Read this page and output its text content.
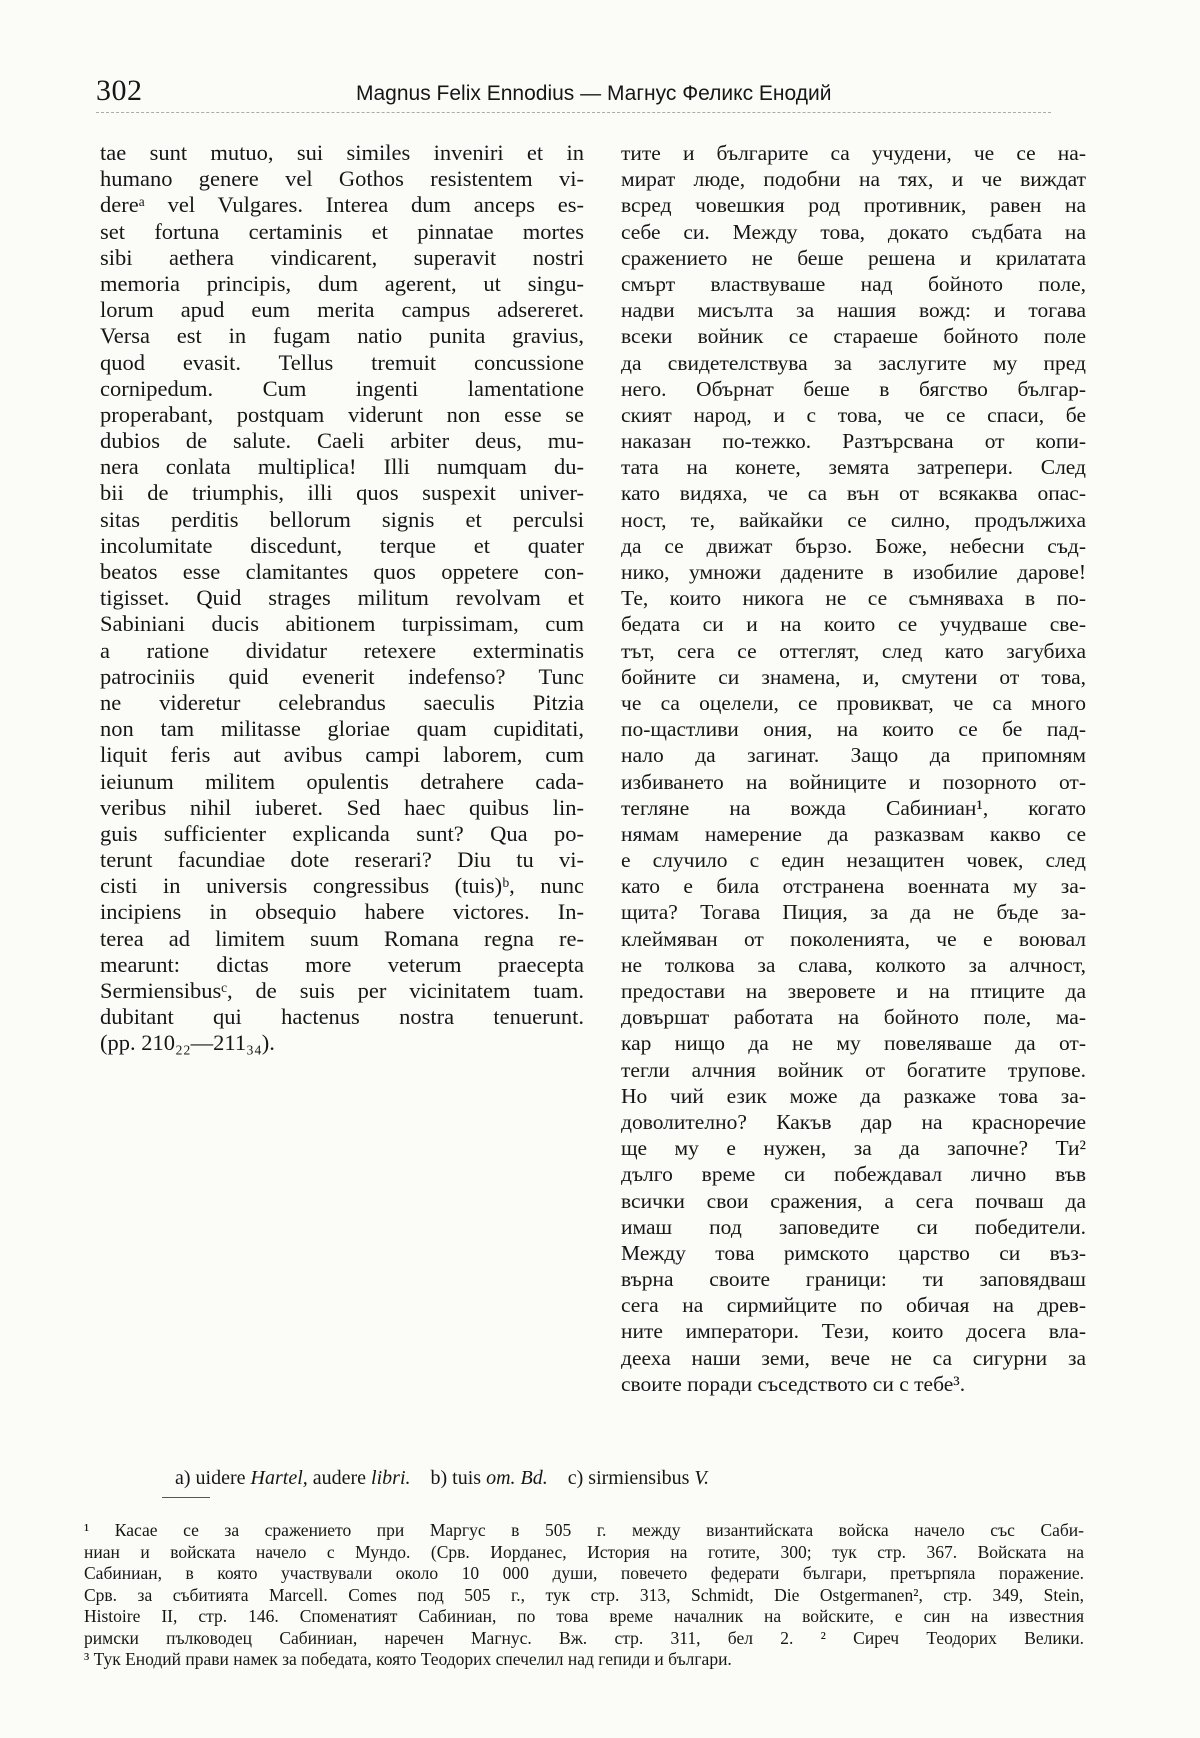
302	Magnus Felix Ennodius — Магнус Феликс Енодий

tae sunt mutuo, sui similes inveniri et in
humano genere vel Gothos resistentem vi-
dereᵃ vel Vulgares. Interea dum anceps es-
set fortuna certaminis et pinnatae mortes
sibi aethera vindicarent, superavit nostri
memoria principis, dum agerent, ut singu-
lorum apud eum merita campus adsereret.
Versa est in fugam natio punita gravius,
quod evasit. Tellus tremuit concussione
cornipedum. Cum ingenti lamentatione
properabant, postquam viderunt non esse se
dubios de salute. Caeli arbiter deus, mu-
nera conlata multiplica! Illi numquam du-
bii de triumphis, illi quos suspexit univer-
sitas perditis bellorum signis et perculsi
incolumitate discedunt, terque et quater
beatos esse clamitantes quos oppetere con-
tigisset. Quid strages militum revolvam et
Sabiniani ducis abitionem turpissimam, cum
a ratione dividatur retexere exterminatis
patrociniis quid evenerit indefenso? Tunc
ne videretur celebrandus saeculis Pitzia
non tam militasse gloriae quam cupiditati,
liquit feris aut avibus campi laborem, cum
ieiunum militem opulentis detrahere cada-
veribus nihil iuberet. Sed haec quibus lin-
guis sufficienter explicanda sunt? Qua po-
terunt facundiae dote reserari? Diu tu vi-
cisti in universis congressibus (tuis)ᵇ, nunc
incipiens in obsequio habere victores. In-
terea ad limitem suum Romana regna re-
mearunt: dictas more veterum praecepta
Sermiensibusᶜ, de suis per vicinitatem tuam.
dubitant qui hactenus nostra tenuerunt.
(pp. 210₂₂—211₃₄).

тите и българите са учудени, че се на-
мират люде, подобни на тях, и че виждат
всред човешкия род противник, равен на
себе си. Между това, докато съдбата на
сражението не беше решена и крилатата
смърт властвуваше над бойното поле,
надви мисълта за нашия вожд: и тогава
всеки войник се стараеше бойното поле
да свидетелствува за заслугите му пред
него. Обърнат беше в бягство българ-
ският народ, и с това, че се спаси, бе
наказан по-тежко. Разтърсвана от копи-
тата на конете, земята затрепери. След
като видяха, че са вън от всякаква опас-
ност, те, вайкайки се силно, продължиха
да се движат бързо. Боже, небесни съд-
нико, умножи дадените в изобилие дарове!
Те, които никога не се съмняваха в по-
бедата си и на които се учудваше све-
тът, сега се оттеглят, след като загубиха
бойните си знамена, и, смутени от това,
че са оцелели, се провикват, че са много
по-щастливи ония, на които се бе пад-
нало да загинат. Защо да припомням
избиването на войниците и позорното от-
тегляне на вожда Сабиниан¹, когато
нямам намерение да разказвам какво се
е случило с един незащитен човек, след
като е била отстранена военната му за-
щита? Тогава Пиция, за да не бъде за-
клеймяван от поколенията, че е воювал
не толкова за слава, колкото за алчност,
предостави на зверовете и на птиците да
довършат работата на бойното поле, ма-
кар нищо да не му повеляваше да от-
тегли алчния войник от богатите трупове.
Но чий език може да разкаже това за-
доволително? Какъв дар на красноречие
ще му е нужен, за да започне? Ти²
дълго време си побеждавал лично във
всички свои сражения, а сега почваш да
имаш под заповедите си победители.
Между това римското царство си въз-
върна своите граници: ти заповядваш
сега на сирмийците по обичая на древ-
ните императори. Тези, които досега вла-
дееха наши земи, вече не са сигурни за
своите поради съседството си с тебе³.

a) uidere Hartel, audere libri. b) tuis om. Bd. c) sirmiensibus V.
¹ Касае се за сражението при Маргус в 505 г. между византийската войска начело със Саби-
ниан и войската начело с Мундо. (Срв. Иорданес, История на готите, 300; тук стр. 367. Войската на
Сабиниан, в която участвували около 10 000 души, повечето федерати българи, претърпяла поражение.
Срв. за събитията Marcell. Comes под 505 г., тук стр. 313, Schmidt, Die Ostgermanen², стр. 349, Stein,
Histoire II, стр. 146. Споменатият Сабиниан, по това време началник на войските, е син на известния
римски пълководец Сабиниан, наречен Магнус. Вж. стр. 311, бел 2. ² Сиреч Теодорих Велики.
³ Тук Енодий прави намек за победата, която Теодорих спечелил над гепиди и българи.
